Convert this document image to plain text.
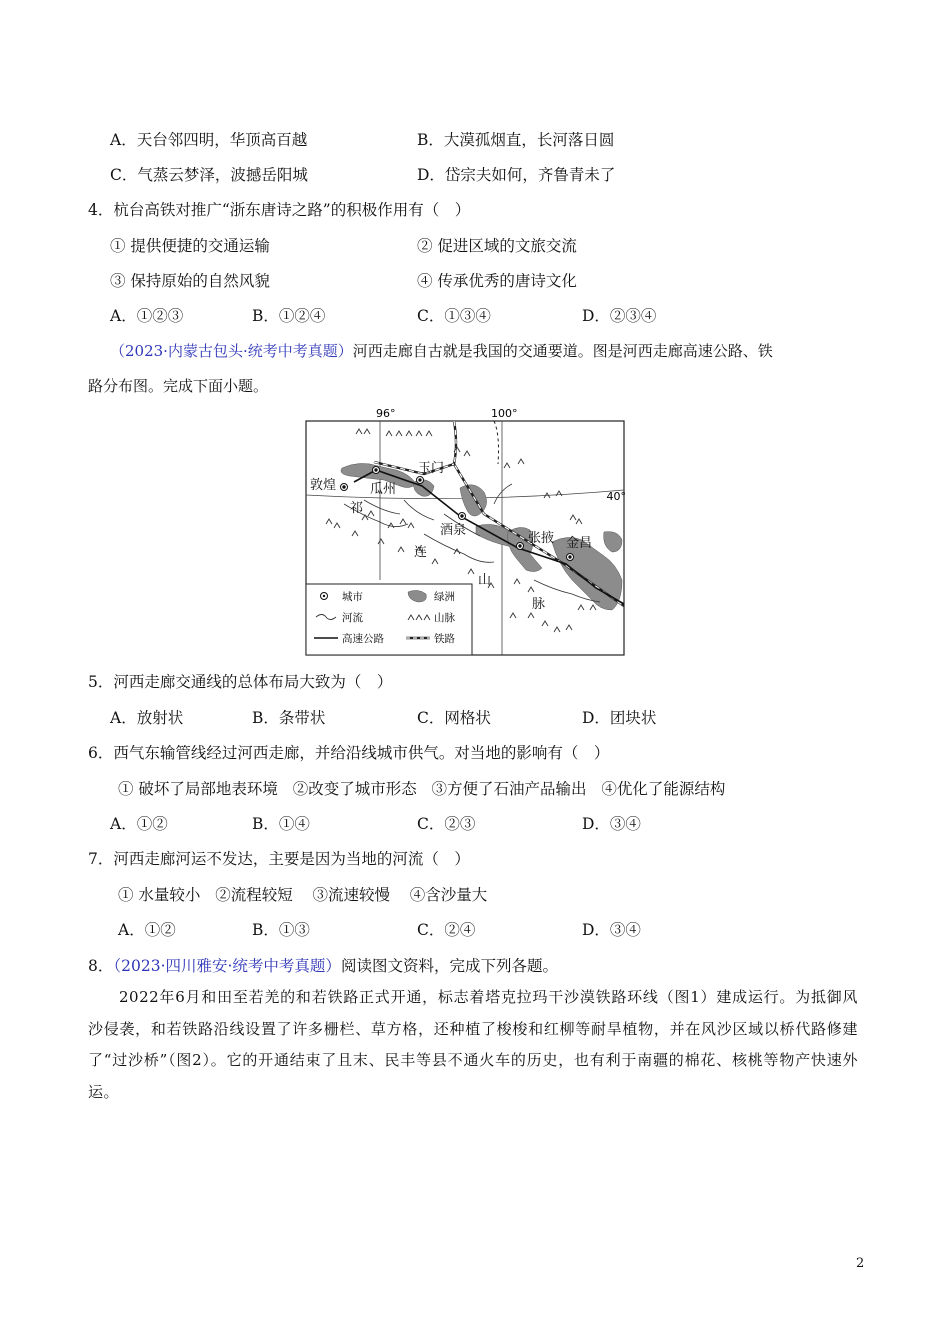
A．天台邻四明，华顶高百越	B．大漠孤烟直，长河落日圆
C．气蒸云梦泽，波撼岳阳城	D．岱宗夫如何，齐鲁青未了
4．杭台高铁对推广“浙东唐诗之路”的积极作用有（　）
① 提供便捷的交通运输	② 促进区域的文旅交流
③ 保持原始的自然风貌	④ 传承优秀的唐诗文化
A．①②③	B．①②④	C．①③④	D．②③④
（2023·内蒙古包头·统考中考真题）河西走廊自古就是我国的交通要道。图是河西走廊高速公路、铁
路分布图。完成下面小题。
96°	100°
40°
敦煌	瓜州
玉门
酒泉
张掖 金昌
祁
连
山
脉
城市	绿洲
河流	山脉
高速公路	铁路
5．河西走廊交通线的总体布局大致为（　）
A．放射状	B．条带状	C．网格状	D．团块状
6．西气东输管线经过河西走廊，并给沿线城市供气。对当地的影响有（　）
① 破坏了局部地表环境 ②改变了城市形态 ③方便了石油产品输出 ④优化了能源结构
A．①②	B．①④	C．②③	D．③④
7．河西走廊河运不发达，主要是因为当地的河流（　）
① 水量较小 ②流程较短 ③流速较慢 ④含沙量大
A．①②	B．①③	C．②④	D．③④
8．（2023·四川雅安·统考中考真题）阅读图文资料，完成下列各题。
2022年6月和田至若羌的和若铁路正式开通，标志着塔克拉玛干沙漠铁路环线（图1）建成运行。为抵御风沙侵袭，和若铁路沿线设置了许多栅栏、草方格，还种植了梭梭和红柳等耐旱植物，并在风沙区域以桥代路修建了“过沙桥”（图2）。它的开通结束了且末、民丰等县不通火车的历史，也有利于南疆的棉花、核桃等物产快速外运。
2
